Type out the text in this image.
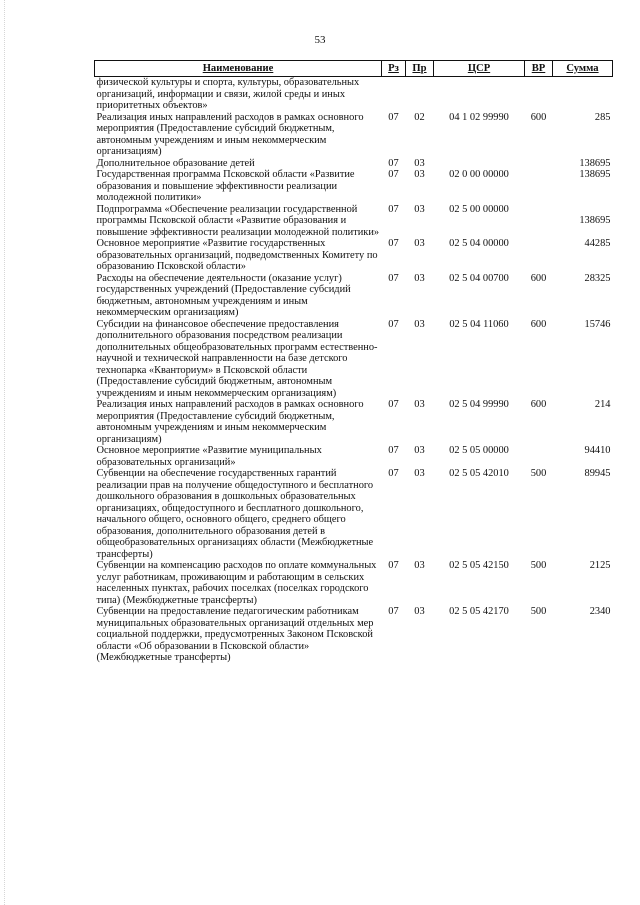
53
Наименование	Рз	Пр	ЦСР	ВР	Сумма
физической культуры и спорта, культуры, образовательных организаций, информации и связи, жилой среды и иных приоритетных объектов»					
Реализация иных направлений расходов в рамках основного мероприятия (Предоставление субсидий бюджетным, автономным учреждениям и иным некоммерческим организациям)	07	02	04 1 02 99990	600	285
Дополнительное образование детей	07	03			138695
Государственная программа Псковской области «Развитие образования и повышение эффективности реализации молодежной политики»	07	03	02 0 00 00000		138695
Подпрограмма «Обеспечение реализации государственной программы Псковской области «Развитие образования и повышение эффективности реализации молодежной политики»	07	03	02 5 00 00000		138695
Основное мероприятие «Развитие государственных образовательных организаций, подведомственных Комитету по образованию Псковской области»	07	03	02 5 04 00000		44285
Расходы на обеспечение деятельности (оказание услуг) государственных учреждений (Предоставление субсидий бюджетным, автономным учреждениям и иным некоммерческим организациям)	07	03	02 5 04 00700	600	28325
Субсидии на финансовое обеспечение предоставления дополнительного образования посредством реализации дополнительных общеобразовательных программ естественно-научной и технической направленности на базе детского технопарка «Кванториум» в Псковской области (Предоставление субсидий бюджетным, автономным учреждениям и иным некоммерческим организациям)	07	03	02 5 04 11060	600	15746
Реализация иных направлений расходов в рамках основного мероприятия (Предоставление субсидий бюджетным, автономным учреждениям и иным некоммерческим организациям)	07	03	02 5 04 99990	600	214
Основное мероприятие «Развитие муниципальных образовательных организаций»	07	03	02 5 05 00000		94410
Субвенции на обеспечение государственных гарантий реализации прав на получение общедоступного и бесплатного дошкольного образования в дошкольных образовательных организациях, общедоступного и бесплатного дошкольного, начального общего, основного общего, среднего общего образования, дополнительного образования детей в общеобразовательных организациях области (Межбюджетные трансферты)	07	03	02 5 05 42010	500	89945
Субвенции на компенсацию расходов по оплате коммунальных услуг работникам, проживающим и работающим в сельских населенных пунктах, рабочих поселках (поселках городского типа) (Межбюджетные трансферты)	07	03	02 5 05 42150	500	2125
Субвенции на предоставление педагогическим работникам муниципальных образовательных организаций отдельных мер социальной поддержки, предусмотренных Законом Псковской области «Об образовании в Псковской области» (Межбюджетные трансферты)	07	03	02 5 05 42170	500	2340
